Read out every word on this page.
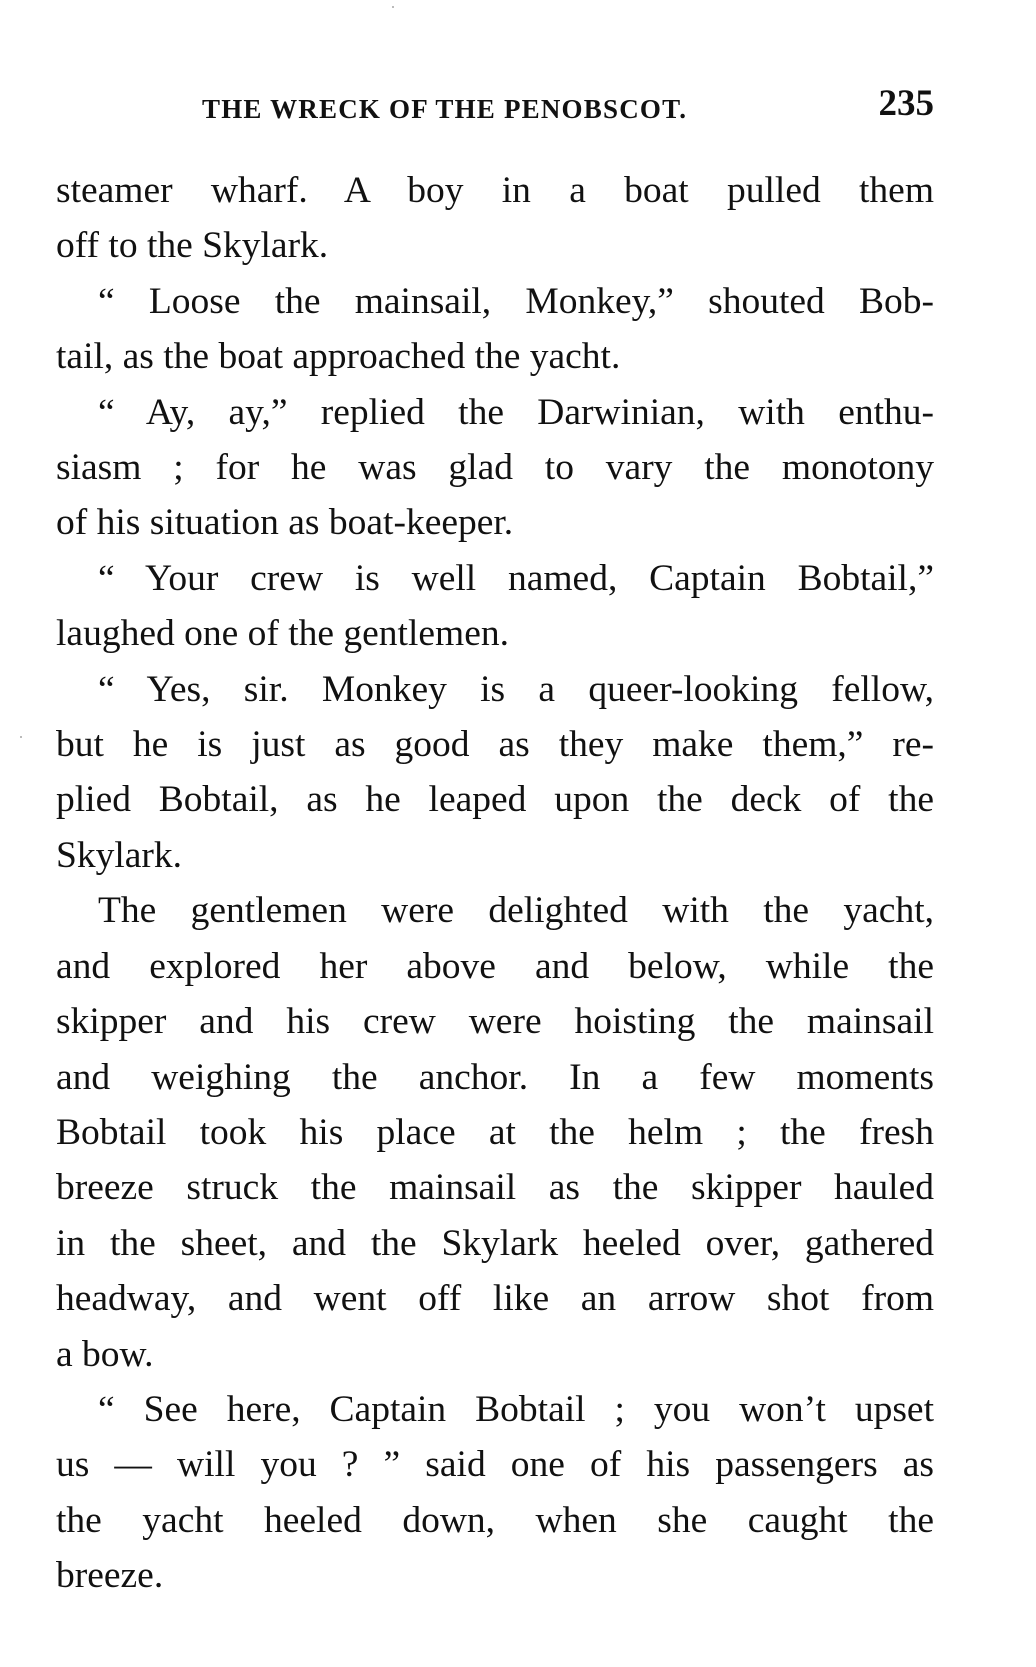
THE WRECK OF THE PENOBSCOT.	235
steamer wharf. A boy in a boat pulled them
off to the Skylark.
“ Loose the mainsail, Monkey,” shouted Bob-
tail, as the boat approached the yacht.
“ Ay, ay,” replied the Darwinian, with enthu-
siasm ; for he was glad to vary the monotony
of his situation as boat-keeper.
“ Your crew is well named, Captain Bobtail,”
laughed one of the gentlemen.
“ Yes, sir. Monkey is a queer-looking fellow,
but he is just as good as they make them,” re-
plied Bobtail, as he leaped upon the deck of the
Skylark.
The gentlemen were delighted with the yacht,
and explored her above and below, while the
skipper and his crew were hoisting the mainsail
and weighing the anchor. In a few moments
Bobtail took his place at the helm ; the fresh
breeze struck the mainsail as the skipper hauled
in the sheet, and the Skylark heeled over, gathered
headway, and went off like an arrow shot from
a bow.
“ See here, Captain Bobtail ; you won’t upset
us — will you ? ” said one of his passengers as
the yacht heeled down, when she caught the
breeze.
